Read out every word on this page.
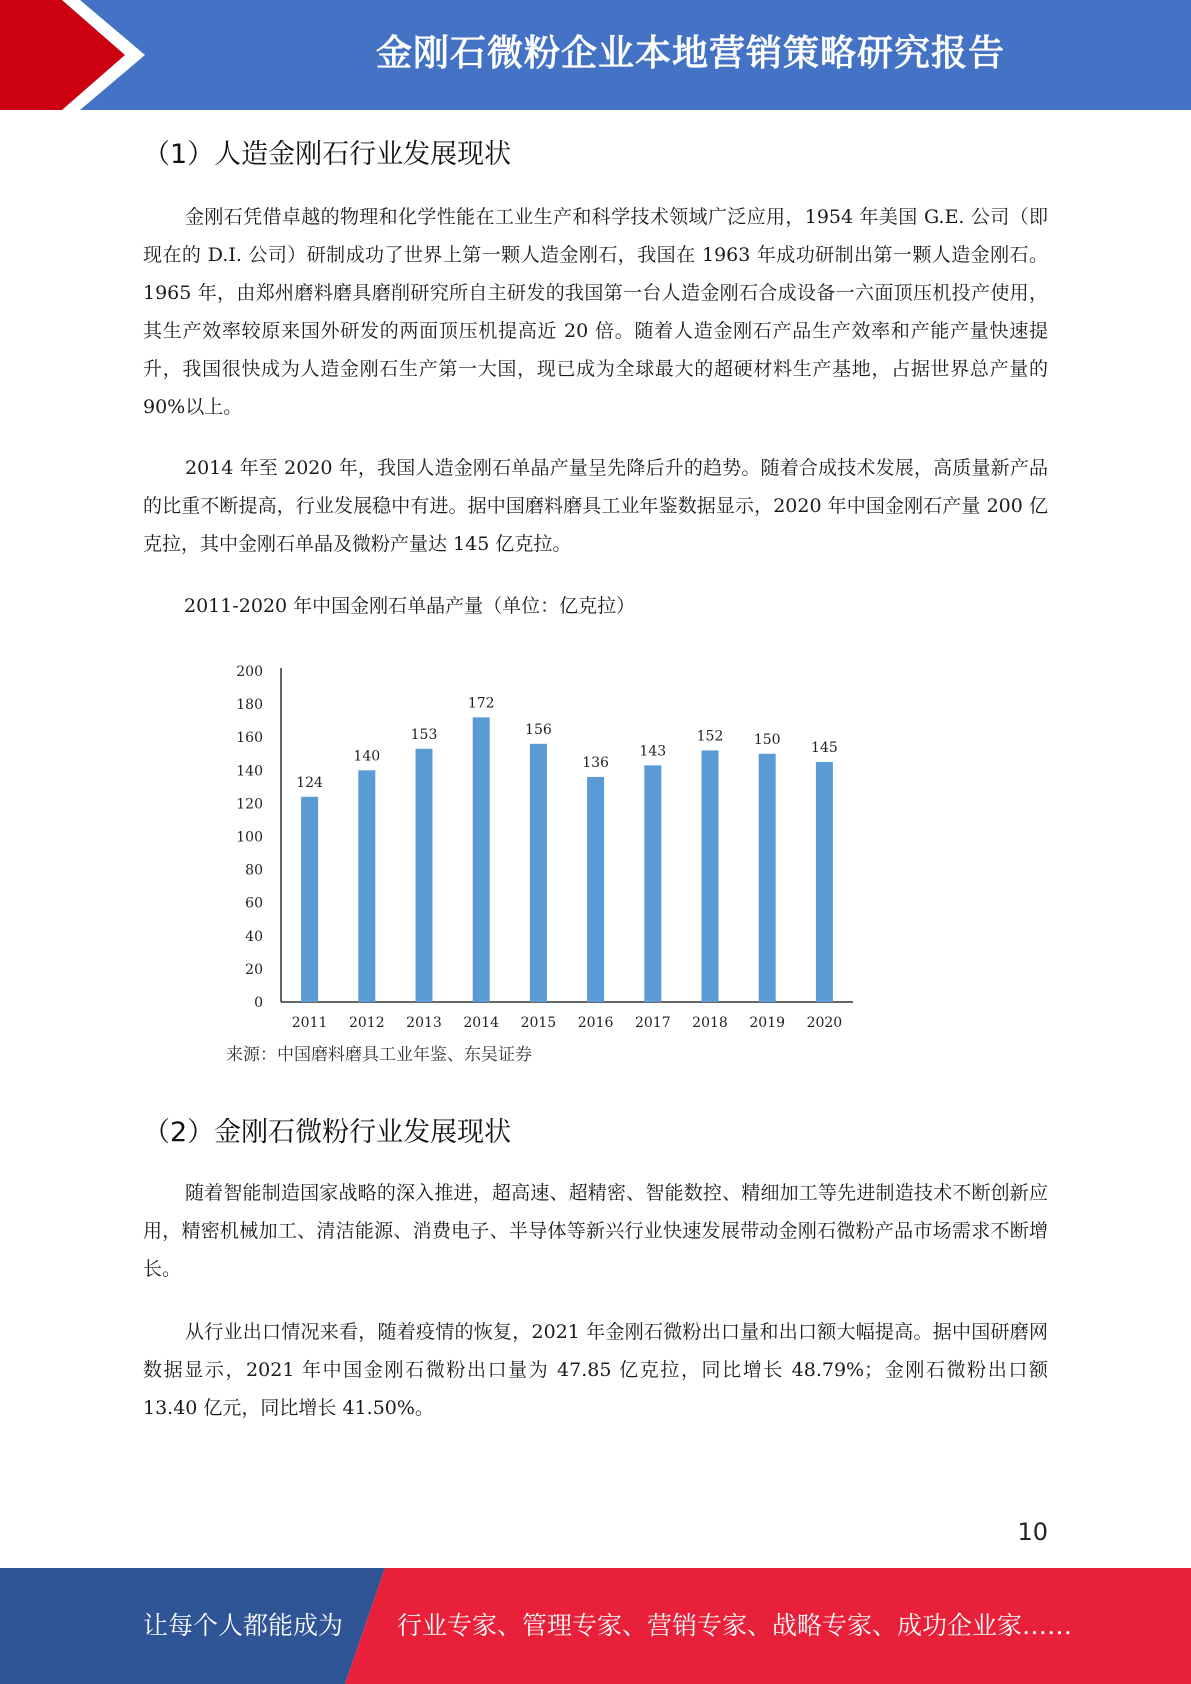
金刚石微粉企业本地营销策略研究报告
（1）人造金刚石行业发展现状
金刚石凭借卓越的物理和化学性能在工业生产和科学技术领域广泛应用，1954 年美国 G.E. 公司（即现在的 D.I. 公司）研制成功了世界上第一颗人造金刚石，我国在 1963 年成功研制出第一颗人造金刚石。1965 年，由郑州磨料磨具磨削研究所自主研发的我国第一台人造金刚石合成设备一六面顶压机投产使用，其生产效率较原来国外研发的两面顶压机提高近 20 倍。随着人造金刚石产品生产效率和产能产量快速提升，我国很快成为人造金刚石生产第一大国，现已成为全球最大的超硬材料生产基地，占据世界总产量的 90%以上。
2014 年至 2020 年，我国人造金刚石单晶产量呈先降后升的趋势。随着合成技术发展，高质量新产品的比重不断提高，行业发展稳中有进。据中国磨料磨具工业年鉴数据显示，2020 年中国金刚石产量 200 亿克拉，其中金刚石单晶及微粉产量达 145 亿克拉。
2011-2020 年中国金刚石单晶产量（单位：亿克拉）
0
20
40
60
80
100
120
140
160
180
200
124
2011
140
2012
153
2013
172
2014
156
2015
136
2016
143
2017
152
2018
150
2019
145
2020
来源：中国磨料磨具工业年鉴、东吴证券
（2）金刚石微粉行业发展现状
随着智能制造国家战略的深入推进，超高速、超精密、智能数控、精细加工等先进制造技术不断创新应用，精密机械加工、清洁能源、消费电子、半导体等新兴行业快速发展带动金刚石微粉产品市场需求不断增长。
从行业出口情况来看，随着疫情的恢复，2021 年金刚石微粉出口量和出口额大幅提高。据中国研磨网数据显示，2021 年中国金刚石微粉出口量为 47.85 亿克拉，同比增长 48.79%；金刚石微粉出口额 13.40 亿元，同比增长 41.50%。
10
让每个人都能成为 行业专家、管理专家、营销专家、战略专家、成功企业家……
